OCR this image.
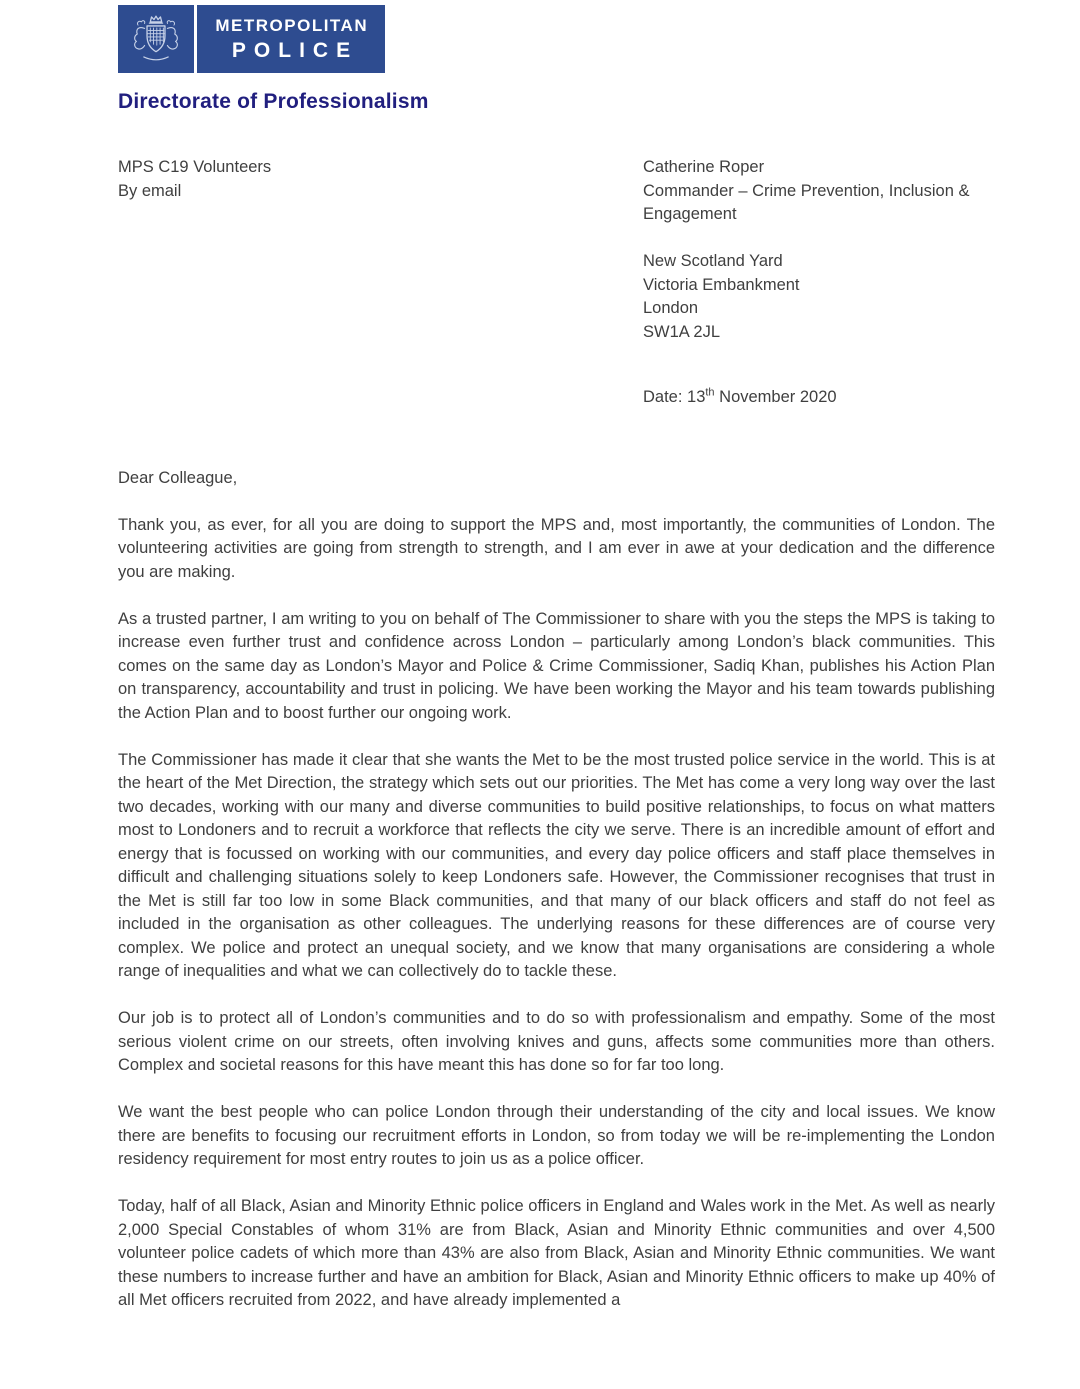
METROPOLITAN
POLICE
Directorate of Professionalism
MPS C19 Volunteers
By email
Catherine Roper
Commander – Crime Prevention, Inclusion & Engagement
New Scotland Yard
Victoria Embankment
London
SW1A 2JL
Date: 13th November 2020

Dear Colleague,

Thank you, as ever, for all you are doing to support the MPS and, most importantly, the communities of London. The volunteering activities are going from strength to strength, and I am ever in awe at your dedication and the difference you are making.

As a trusted partner, I am writing to you on behalf of The Commissioner to share with you the steps the MPS is taking to increase even further trust and confidence across London – particularly among London’s black communities. This comes on the same day as London’s Mayor and Police & Crime Commissioner, Sadiq Khan, publishes his Action Plan on transparency, accountability and trust in policing. We have been working the Mayor and his team towards publishing the Action Plan and to boost further our ongoing work.

The Commissioner has made it clear that she wants the Met to be the most trusted police service in the world. This is at the heart of the Met Direction, the strategy which sets out our priorities. The Met has come a very long way over the last two decades, working with our many and diverse communities to build positive relationships, to focus on what matters most to Londoners and to recruit a workforce that reflects the city we serve. There is an incredible amount of effort and energy that is focussed on working with our communities, and every day police officers and staff place themselves in difficult and challenging situations solely to keep Londoners safe. However, the Commissioner recognises that trust in the Met is still far too low in some Black communities, and that many of our black officers and staff do not feel as included in the organisation as other colleagues. The underlying reasons for these differences are of course very complex. We police and protect an unequal society, and we know that many organisations are considering a whole range of inequalities and what we can collectively do to tackle these.

Our job is to protect all of London’s communities and to do so with professionalism and empathy. Some of the most serious violent crime on our streets, often involving knives and guns, affects some communities more than others. Complex and societal reasons for this have meant this has done so for far too long.

We want the best people who can police London through their understanding of the city and local issues. We know there are benefits to focusing our recruitment efforts in London, so from today we will be re-implementing the London residency requirement for most entry routes to join us as a police officer.

Today, half of all Black, Asian and Minority Ethnic police officers in England and Wales work in the Met. As well as nearly 2,000 Special Constables of whom 31% are from Black, Asian and Minority Ethnic communities and over 4,500 volunteer police cadets of which more than 43% are also from Black, Asian and Minority Ethnic communities. We want these numbers to increase further and have an ambition for Black, Asian and Minority Ethnic officers to make up 40% of all Met officers recruited from 2022, and have already implemented a
